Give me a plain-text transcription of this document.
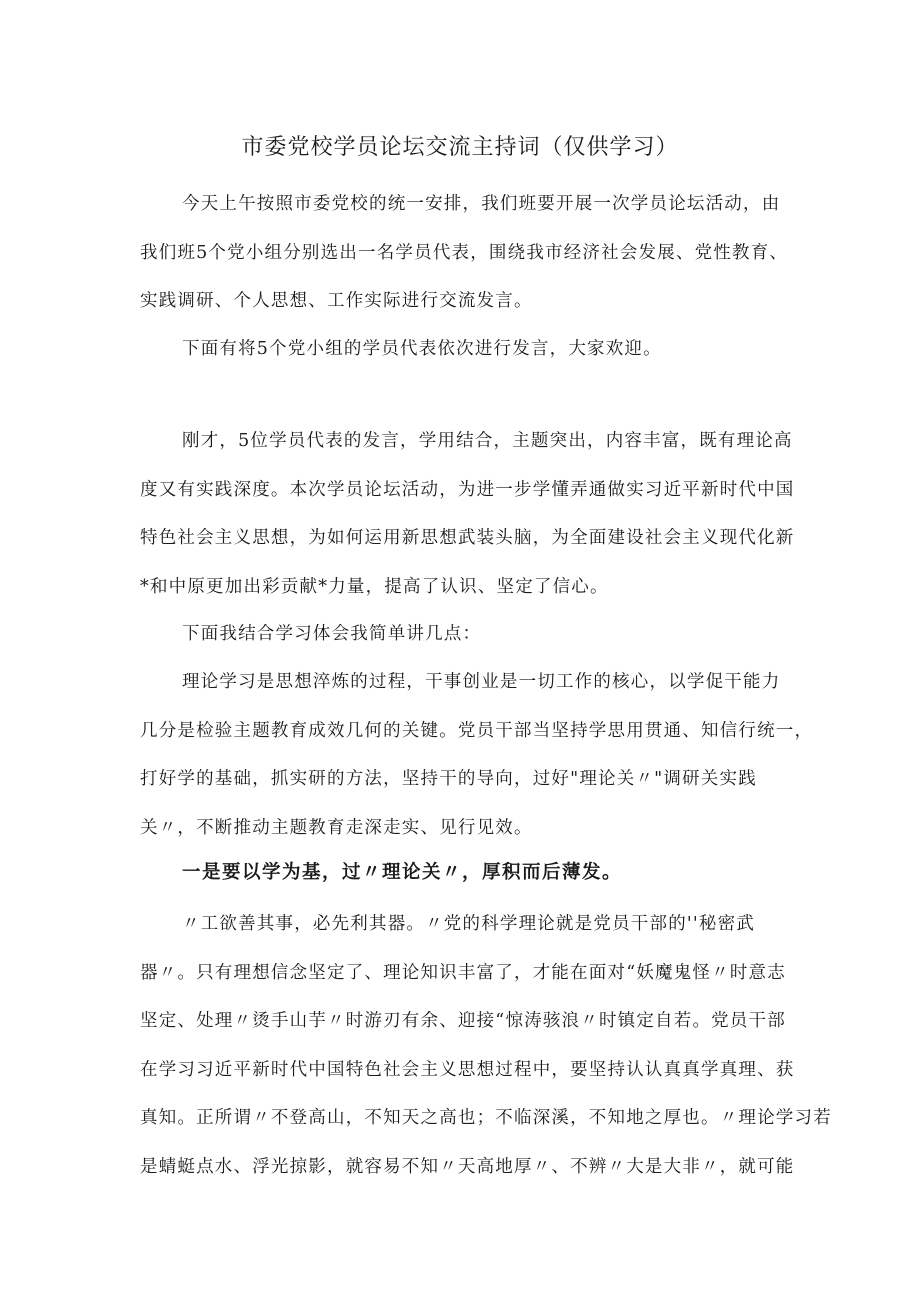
市委党校学员论坛交流主持词（仅供学习）
今天上午按照市委党校的统一安排，我们班要开展一次学员论坛活动，由
我们班5个党小组分别选出一名学员代表，围绕我市经济社会发展、党性教育、
实践调研、个人思想、工作实际进行交流发言。
下面有将5个党小组的学员代表依次进行发言，大家欢迎。
刚才，5位学员代表的发言，学用结合，主题突出，内容丰富，既有理论高
度又有实践深度。本次学员论坛活动，为进一步学懂弄通做实习近平新时代中国
特色社会主义思想，为如何运用新思想武装头脑，为全面建设社会主义现代化新
*和中原更加出彩贡献*力量，提高了认识、坚定了信心。
下面我结合学习体会我简单讲几点：
理论学习是思想淬炼的过程，干事创业是一切工作的核心，以学促干能力
几分是检验主题教育成效几何的关键。党员干部当坚持学思用贯通、知信行统一，
打好学的基础，抓实研的方法，坚持干的导向，过好"理论关〃"调研关实践
关〃，不断推动主题教育走深走实、见行见效。
一是要以学为基，过〃理论关〃，厚积而后薄发。
〃工欲善其事，必先利其器。〃党的科学理论就是党员干部的''秘密武
器〃。只有理想信念坚定了、理论知识丰富了，才能在面对“妖魔鬼怪〃时意志
坚定、处理〃烫手山芋〃时游刃有余、迎接“惊涛骇浪〃时镇定自若。党员干部
在学习习近平新时代中国特色社会主义思想过程中，要坚持认认真真学真理、获
真知。正所谓〃不登高山，不知天之高也；不临深溪，不知地之厚也。〃理论学习若
是蜻蜓点水、浮光掠影，就容易不知〃天高地厚〃、不辨〃大是大非〃，就可能
